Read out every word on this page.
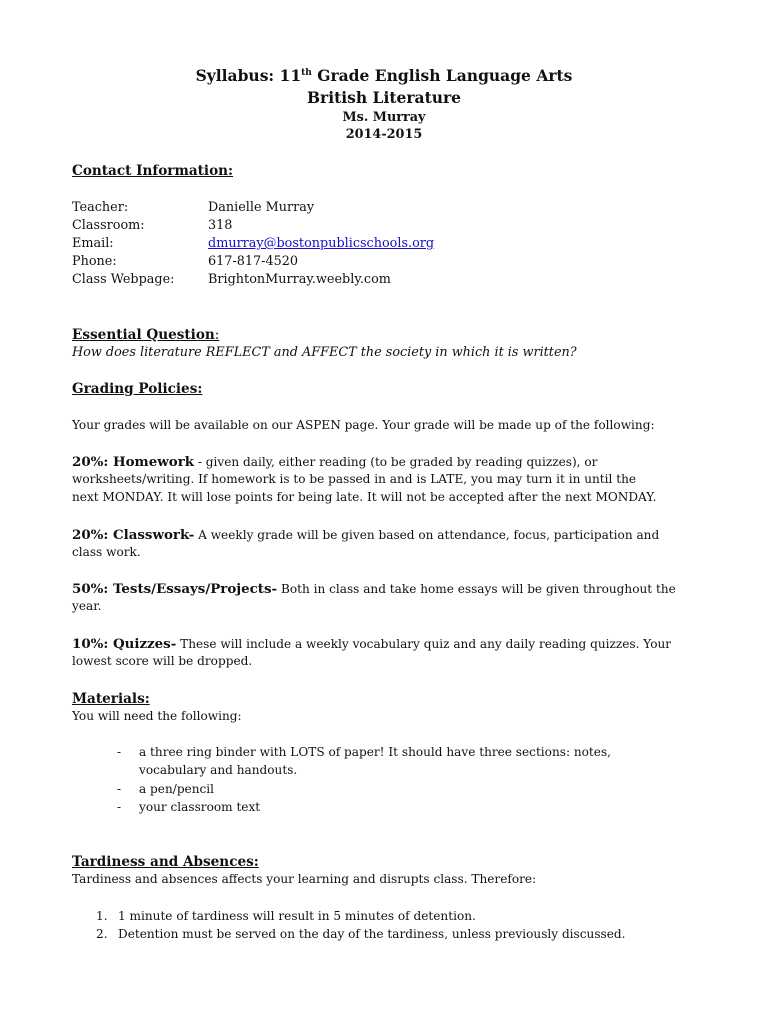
Syllabus: 11th Grade English Language Arts
British Literature
Ms. Murray
2014-2015
Contact Information:
Teacher:	Danielle Murray
Classroom:	318
Email:	dmurray@bostonpublicschools.org
Phone:	617-817-4520
Class Webpage:	BrightonMurray.weebly.com
Essential Question:
How does literature REFLECT and AFFECT the society in which it is written?
Grading Policies:
Your grades will be available on our ASPEN page. Your grade will be made up of the following:
20%: Homework - given daily, either reading (to be graded by reading quizzes), or
worksheets/writing. If homework is to be passed in and is LATE, you may turn it in until the
next MONDAY. It will lose points for being late. It will not be accepted after the next MONDAY.
20%: Classwork- A weekly grade will be given based on attendance, focus, participation and
class work.
50%: Tests/Essays/Projects- Both in class and take home essays will be given throughout the
year.
10%: Quizzes- These will include a weekly vocabulary quiz and any daily reading quizzes. Your
lowest score will be dropped.
Materials:
You will need the following:
- a three ring binder with LOTS of paper! It should have three sections: notes,
vocabulary and handouts.
- a pen/pencil
- your classroom text
Tardiness and Absences:
Tardiness and absences affects your learning and disrupts class. Therefore:
1. 1 minute of tardiness will result in 5 minutes of detention.
2. Detention must be served on the day of the tardiness, unless previously discussed.
